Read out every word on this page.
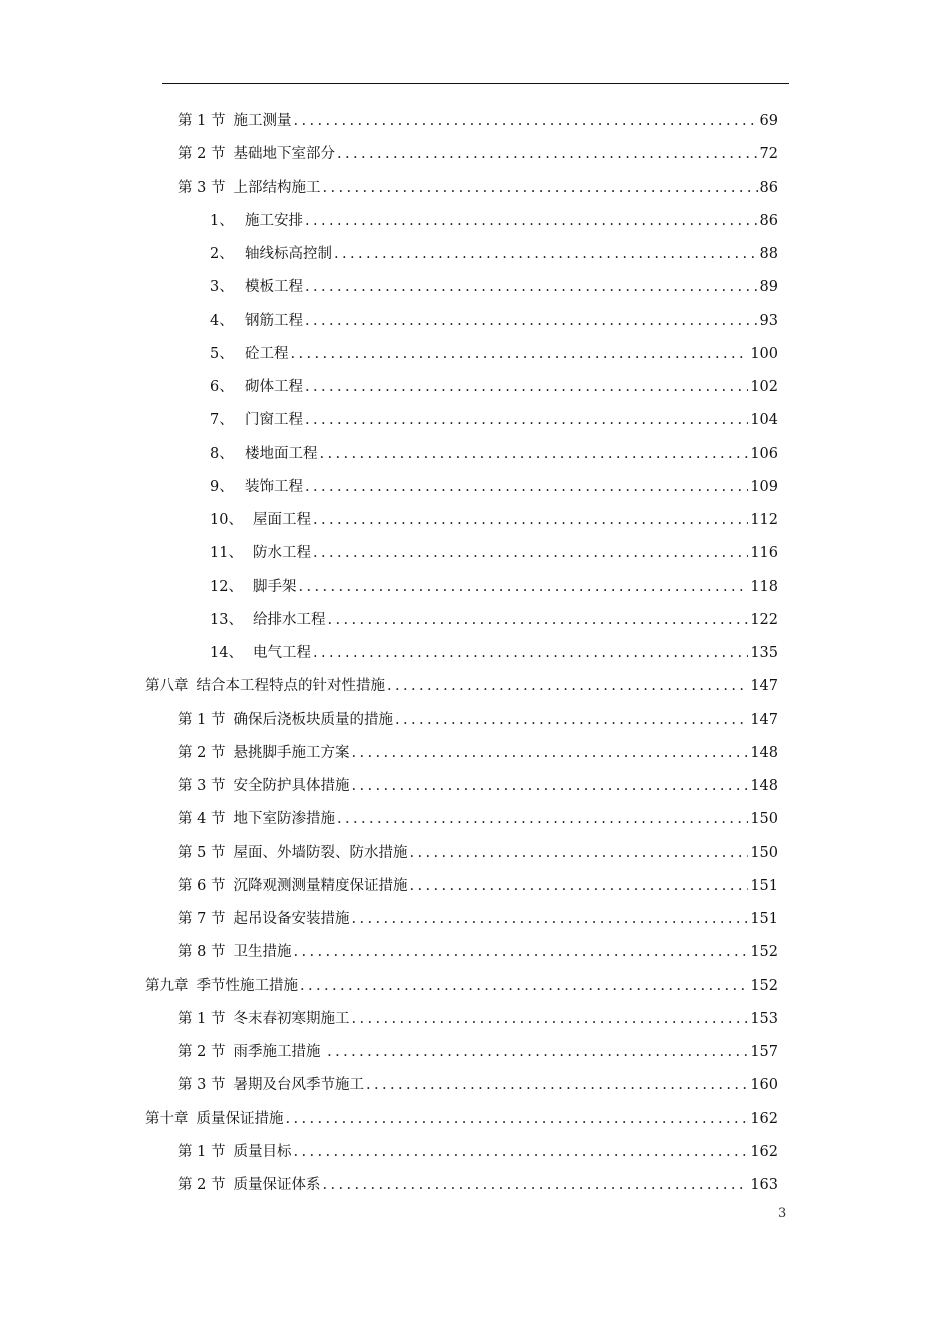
第 1 节 施工测量 .....	69
第 2 节 基础地下室部分 .....	72
第 3 节 上部结构施工 .....	86
1、 施工安排 .....	86
2、 轴线标高控制 .....	88
3、 模板工程 .....	89
4、 钢筋工程 .....	93
5、 砼工程 .....	100
6、 砌体工程 .....	102
7、 门窗工程 .....	104
8、 楼地面工程 .....	106
9、 装饰工程 .....	109
10、 屋面工程 .....	112
11、 防水工程 .....	116
12、 脚手架 .....	118
13、 给排水工程 .....	122
14、 电气工程 .....	135
第八章 结合本工程特点的针对性措施 .....	147
第 1 节 确保后浇板块质量的措施 .....	147
第 2 节 悬挑脚手施工方案 .....	148
第 3 节 安全防护具体措施 .....	148
第 4 节 地下室防渗措施 .....	150
第 5 节 屋面、外墙防裂、防水措施 .....	150
第 6 节 沉降观测测量精度保证措施 .....	151
第 7 节 起吊设备安装措施 .....	151
第 8 节 卫生措施 .....	152
第九章 季节性施工措施 .....	152
第 1 节 冬末春初寒期施工 .....	153
第 2 节 雨季施工措施 .....	157
第 3 节 暑期及台风季节施工 .....	160
第十章 质量保证措施 .....	162
第 1 节 质量目标 .....	162
第 2 节 质量保证体系 .....	163
3
